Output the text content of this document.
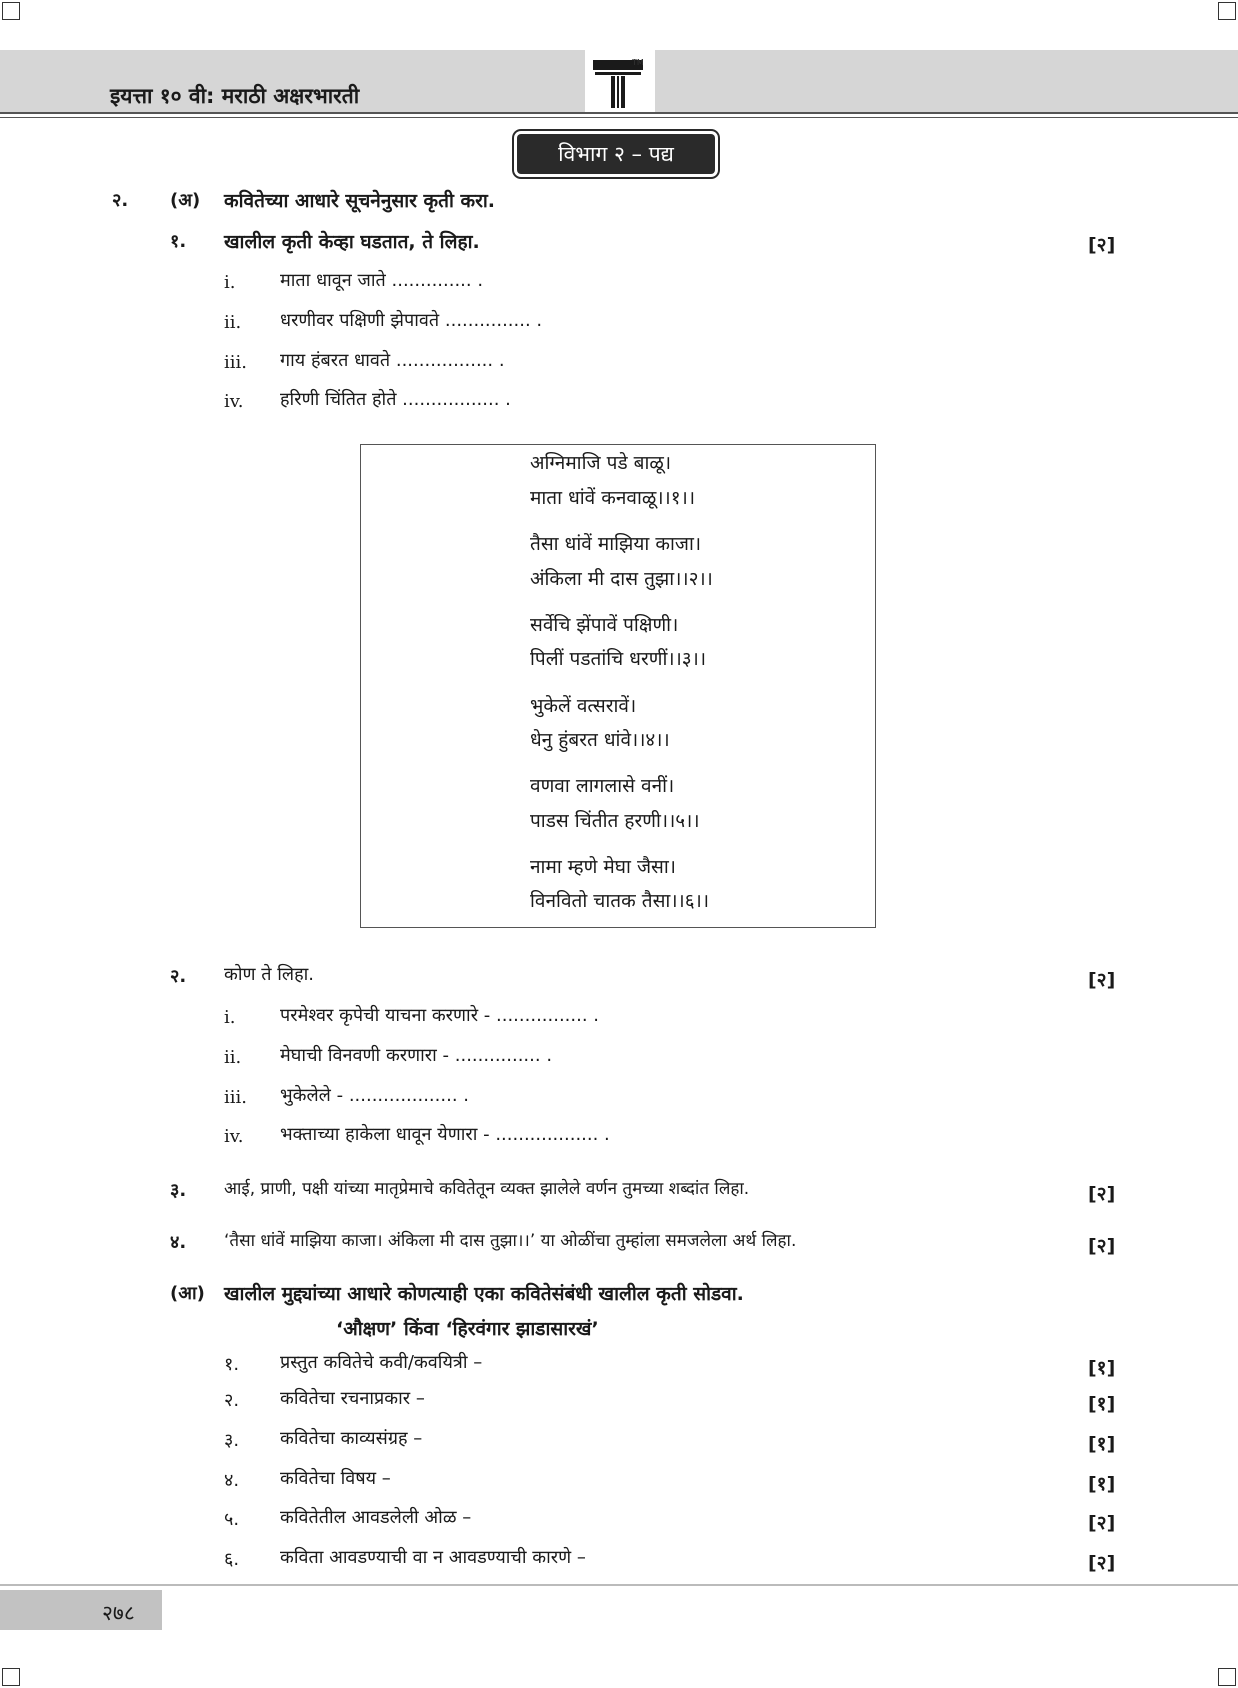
इयत्ता १० वी: मराठी अक्षरभारती
TM
विभाग २ – पद्य
२. (अ) कवितेच्या आधारे सूचनेनुसार कृती करा.
१. खालील कृती केव्हा घडतात, ते लिहा.	[२]
i. माता धावून जाते .............. .
ii. धरणीवर पक्षिणी झेपावते ............... .
iii. गाय हंबरत धावते ................. .
iv. हरिणी चिंतित होते ................. .
अग्निमाजि पडे बाळू।
माता धांवें कनवाळू।।१।।
तैसा धांवें माझिया काजा।
अंकिला मी दास तुझा।।२।।
सर्वेचि झेंपावें पक्षिणी।
पिलीं पडतांचि धरणीं।।३।।
भुकेलें वत्सरावें।
धेनु हुंबरत धांवे।।४।।
वणवा लागलासे वनीं।
पाडस चिंतीत हरणी।।५।।
नामा म्हणे मेघा जैसा।
विनवितो चातक तैसा।।६।।
२. कोण ते लिहा.	[२]
i. परमेश्वर कृपेची याचना करणारे - ................ .
ii. मेघाची विनवणी करणारा - ............... .
iii. भुकेलेले - ................... .
iv. भक्ताच्या हाकेला धावून येणारा - .................. .
३. आई, प्राणी, पक्षी यांच्या मातृप्रेमाचे कवितेतून व्यक्त झालेले वर्णन तुमच्या शब्दांत लिहा.	[२]
४. ‘तैसा धांवें माझिया काजा। अंकिला मी दास तुझा।।’ या ओळींचा तुम्हांला समजलेला अर्थ लिहा.	[२]
(आ) खालील मुद्द्यांच्या आधारे कोणत्याही एका कवितेसंबंधी खालील कृती सोडवा.
‘औक्षण’ किंवा ‘हिरवंगार झाडासारखं’
१. प्रस्तुत कवितेचे कवी/कवयित्री –	[१]
२. कवितेचा रचनाप्रकार –	[१]
३. कवितेचा काव्यसंग्रह –	[१]
४. कवितेचा विषय –	[१]
५. कवितेतील आवडलेली ओळ –	[२]
६. कविता आवडण्याची वा न आवडण्याची कारणे –	[२]
२७८
